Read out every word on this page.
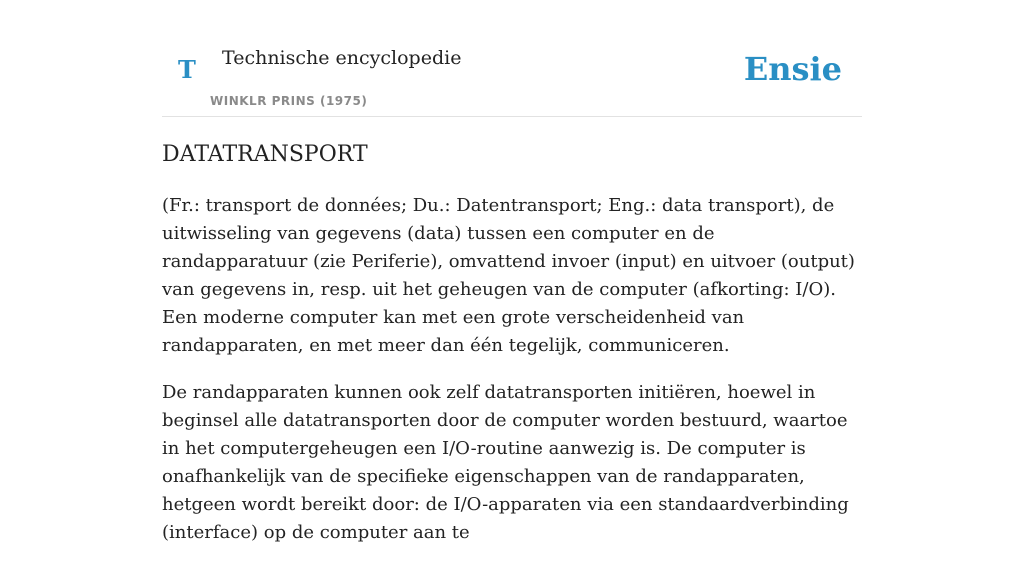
T Technische encyclopedie
WINKLR PRINS (1975)
Ensie
DATATRANSPORT

(Fr.: transport de données; Du.: Datentransport; Eng.: data transport), de uitwisseling van gegevens (data) tussen een computer en de randapparatuur (zie Periferie), omvattend invoer (input) en uitvoer (output) van gegevens in, resp. uit het geheugen van de computer (afkorting: I/O). Een moderne computer kan met een grote verscheidenheid van randapparaten, en met meer dan één tegelijk, communiceren.

De randapparaten kunnen ook zelf datatransporten initiëren, hoewel in beginsel alle datatransporten door de computer worden bestuurd, waartoe in het computergeheugen een I/O-routine aanwezig is. De computer is onafhankelijk van de specifieke eigenschappen van de randapparaten, hetgeen wordt bereikt door: de I/O-apparaten via een standaardverbinding (interface) op de computer aan te
